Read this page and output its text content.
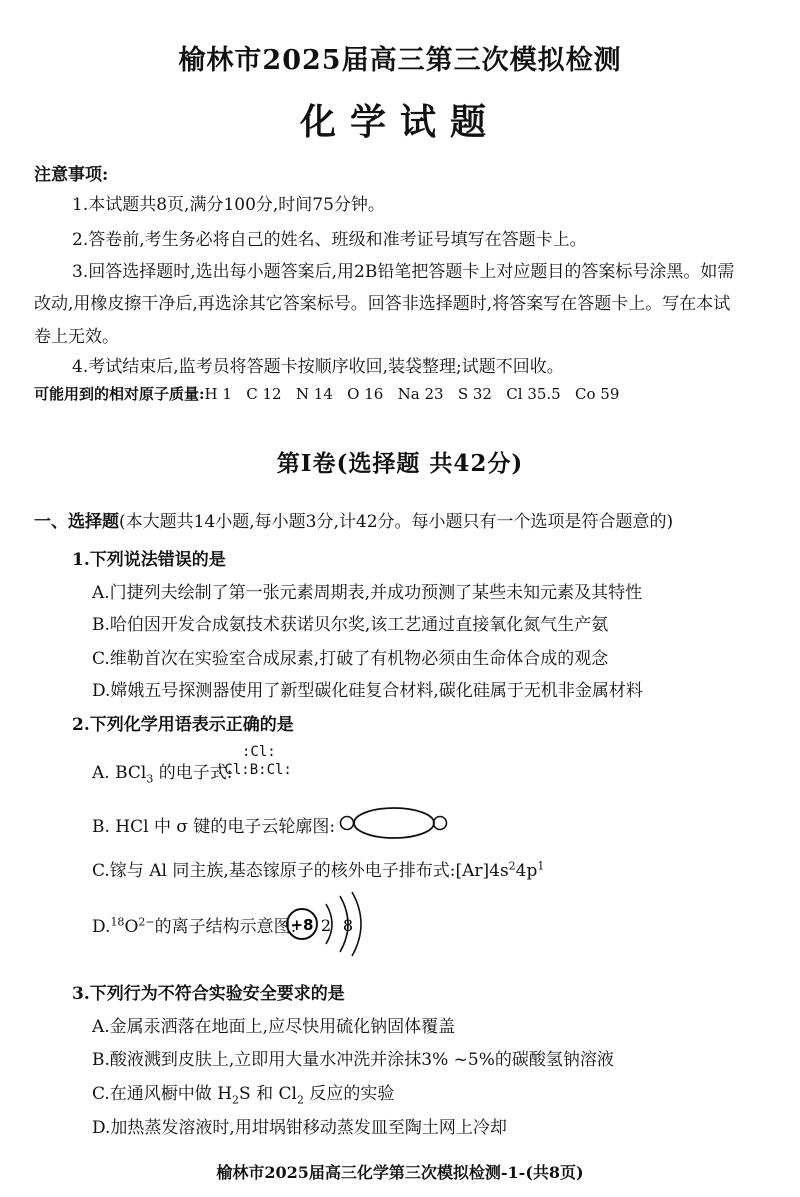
榆林市2025届高三第三次模拟检测
化学试题
注意事项:
1.本试题共8页,满分100分,时间75分钟。
2.答卷前,考生务必将自己的姓名、班级和准考证号填写在答题卡上。
3.回答选择题时,选出每小题答案后,用2B铅笔把答题卡上对应题目的答案标号涂黑。如需
改动,用橡皮擦干净后,再选涂其它答案标号。回答非选择题时,将答案写在答题卡上。写在本试
卷上无效。
4.考试结束后,监考员将答题卡按顺序收回,装袋整理;试题不回收。
可能用到的相对原子质量:H 1   C 12   N 14   O 16   Na 23   S 32   Cl 35.5   Co 59
第Ⅰ卷(选择题 共42分)
一、选择题(本大题共14小题,每小题3分,计42分。每小题只有一个选项是符合题意的)
1.下列说法错误的是
A.门捷列夫绘制了第一张元素周期表,并成功预测了某些未知元素及其特性
B.哈伯因开发合成氨技术获诺贝尔奖,该工艺通过直接氧化氮气生产氨
C.维勒首次在实验室合成尿素,打破了有机物必须由生命体合成的观念
D.嫦娥五号探测器使用了新型碳化硅复合材料,碳化硅属于无机非金属材料
2.下列化学用语表示正确的是
A. BCl$_3$ 的电子式:
:Cl:
:Cl:B:Cl:
B. HCl 中 σ 键的电子云轮廓图:
C.镓与 Al 同主族,基态镓原子的核外电子排布式$:[Ar]4s^24p^1$
$D.^{18}O^{2-}$的离子结构示意图:
+8 2 8
3.下列行为不符合实验安全要求的是
A.金属汞洒落在地面上,应尽快用硫化钠固体覆盖
B.酸液溅到皮肤上,立即用大量水冲洗并涂抹3% ~5%的碳酸氢钠溶液
C.在通风橱中做 $H_2S$ 和 $Cl_2$ 反应的实验
D.加热蒸发溶液时,用坩埚钳移动蒸发皿至陶土网上冷却
榆林市2025届高三化学第三次模拟检测-1-(共8页)
